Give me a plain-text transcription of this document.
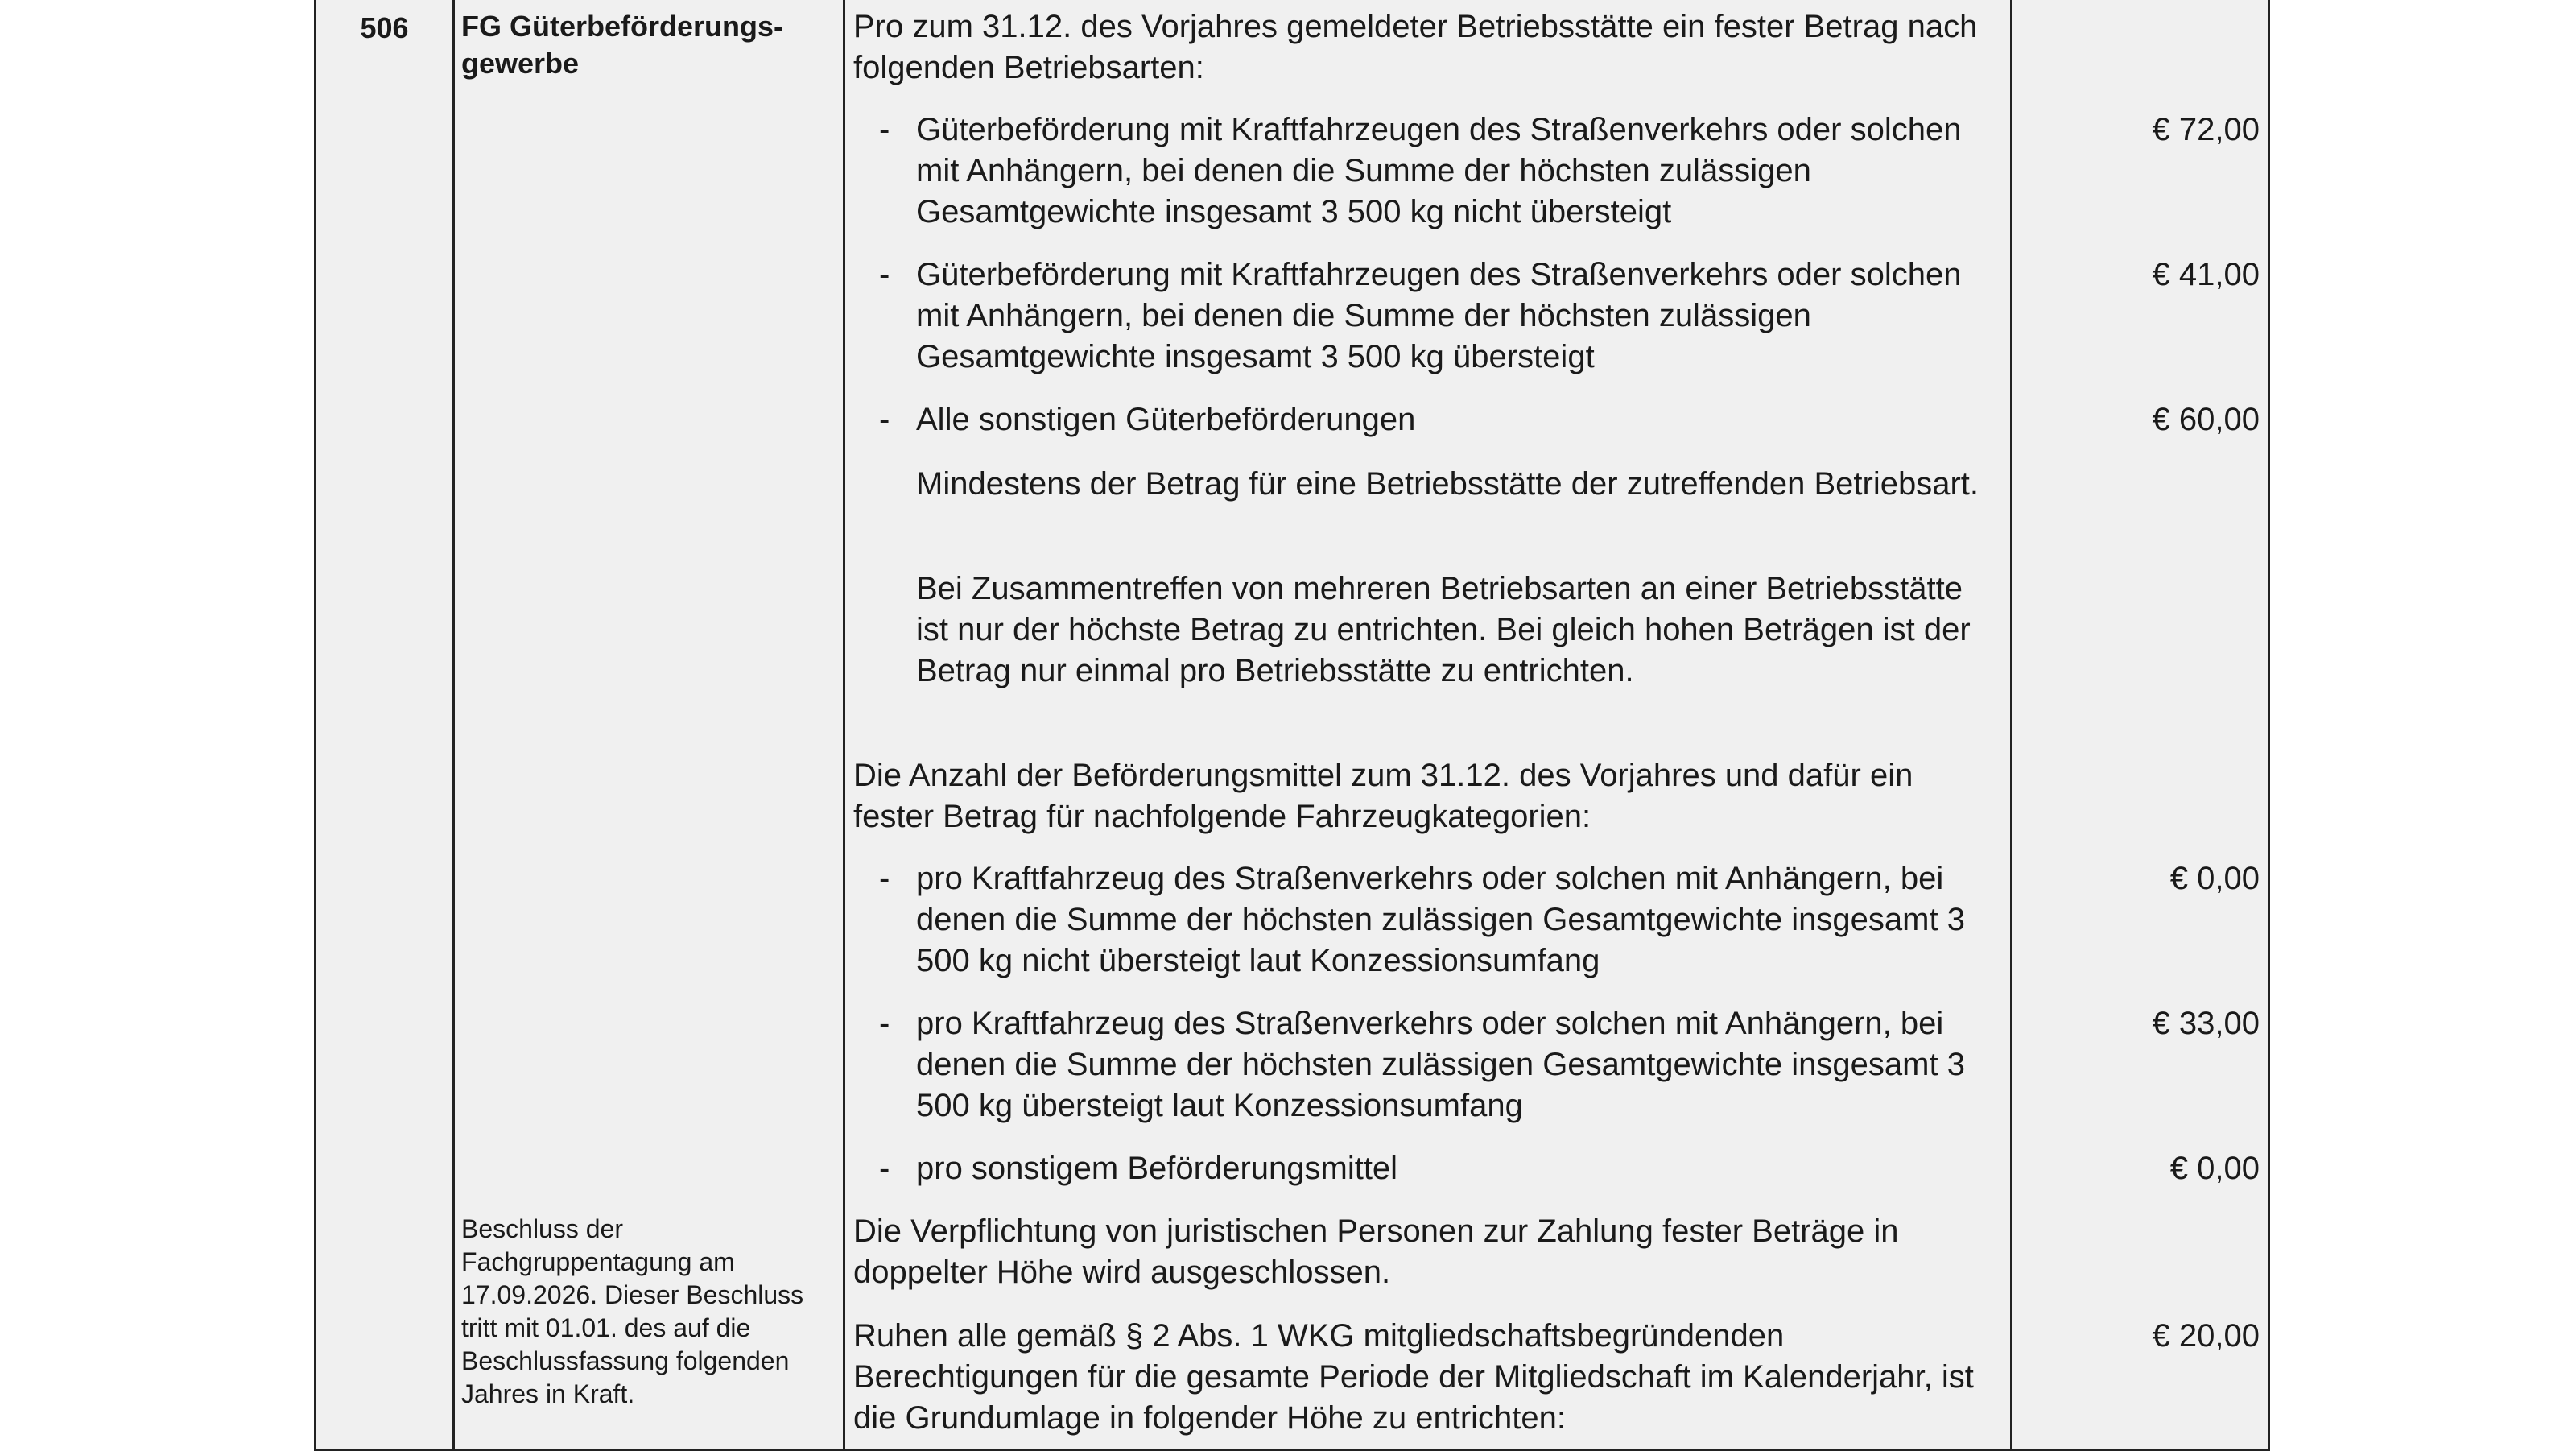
506	FG Güterbeförderungs-
gewerbe
Beschluss der Fachgruppentagung am 17.09.2026. Dieser Beschluss tritt mit 01.01. des auf die Beschlussfassung folgenden Jahres in Kraft.
Pro zum 31.12. des Vorjahres gemeldeter Betriebsstätte ein fester Betrag nach folgenden Betriebsarten:
- Güterbeförderung mit Kraftfahrzeugen des Straßenverkehrs oder solchen mit Anhängern, bei denen die Summe der höchsten zulässigen Gesamtgewichte insgesamt 3 500 kg nicht übersteigt
- Güterbeförderung mit Kraftfahrzeugen des Straßenverkehrs oder solchen mit Anhängern, bei denen die Summe der höchsten zulässigen Gesamtgewichte insgesamt 3 500 kg übersteigt
- Alle sonstigen Güterbeförderungen
Mindestens der Betrag für eine Betriebsstätte der zutreffenden Betriebsart.
Bei Zusammentreffen von mehreren Betriebsarten an einer Betriebsstätte ist nur der höchste Betrag zu entrichten. Bei gleich hohen Beträgen ist der Betrag nur einmal pro Betriebsstätte zu entrichten.
Die Anzahl der Beförderungsmittel zum 31.12. des Vorjahres und dafür ein fester Betrag für nachfolgende Fahrzeugkategorien:
- pro Kraftfahrzeug des Straßenverkehrs oder solchen mit Anhängern, bei denen die Summe der höchsten zulässigen Gesamtgewichte insgesamt 3 500 kg nicht übersteigt laut Konzessionsumfang
- pro Kraftfahrzeug des Straßenverkehrs oder solchen mit Anhängern, bei denen die Summe der höchsten zulässigen Gesamtgewichte insgesamt 3 500 kg übersteigt laut Konzessionsumfang
- pro sonstigem Beförderungsmittel
Die Verpflichtung von juristischen Personen zur Zahlung fester Beträge in doppelter Höhe wird ausgeschlossen.
Ruhen alle gemäß § 2 Abs. 1 WKG mitgliedschaftsbegründenden Berechtigungen für die gesamte Periode der Mitgliedschaft im Kalenderjahr, ist die Grundumlage in folgender Höhe zu entrichten:
€ 72,00
€ 41,00
€ 60,00
€ 0,00
€ 33,00
€ 0,00
€ 20,00
